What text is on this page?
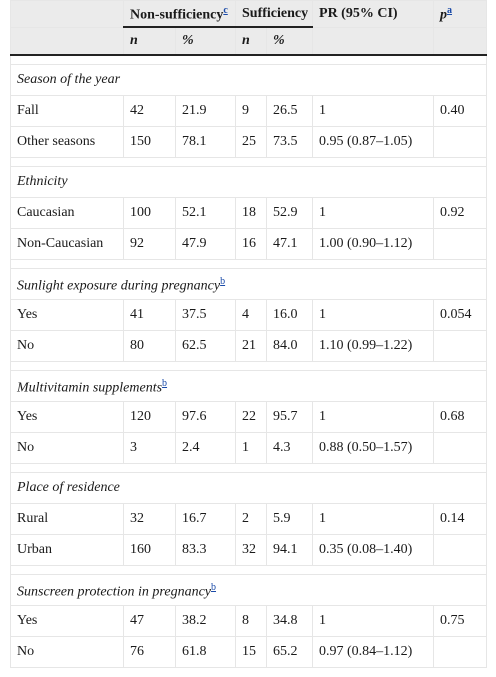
	Non-sufficiency$^c$		Sufficiency		PR (95% CI)	p$^a$
	n	%	n	%		

Season of the year						
Fall	42	21.9	9	26.5	1	0.40
Other seasons	150	78.1	25	73.5	0.95 (0.87–1.05)	

Ethnicity						
Caucasian	100	52.1	18	52.9	1	0.92
Non-Caucasian	92	47.9	16	47.1	1.00 (0.90–1.12)	

Sunlight exposure during pregnancy$^b$
Yes	41	37.5	4	16.0	1	0.054
No	80	62.5	21	84.0	1.10 (0.99–1.22)	

Multivitamin supplements$^b$
Yes	120	97.6	22	95.7	1	0.68
No	3	2.4	1	4.3	0.88 (0.50–1.57)	

Place of residence						
Rural	32	16.7	2	5.9	1	0.14
Urban	160	83.3	32	94.1	0.35 (0.08–1.40)	

Sunscreen protection in pregnancy$^b$
Yes	47	38.2	8	34.8	1	0.75
No	76	61.8	15	65.2	0.97 (0.84–1.12)	
